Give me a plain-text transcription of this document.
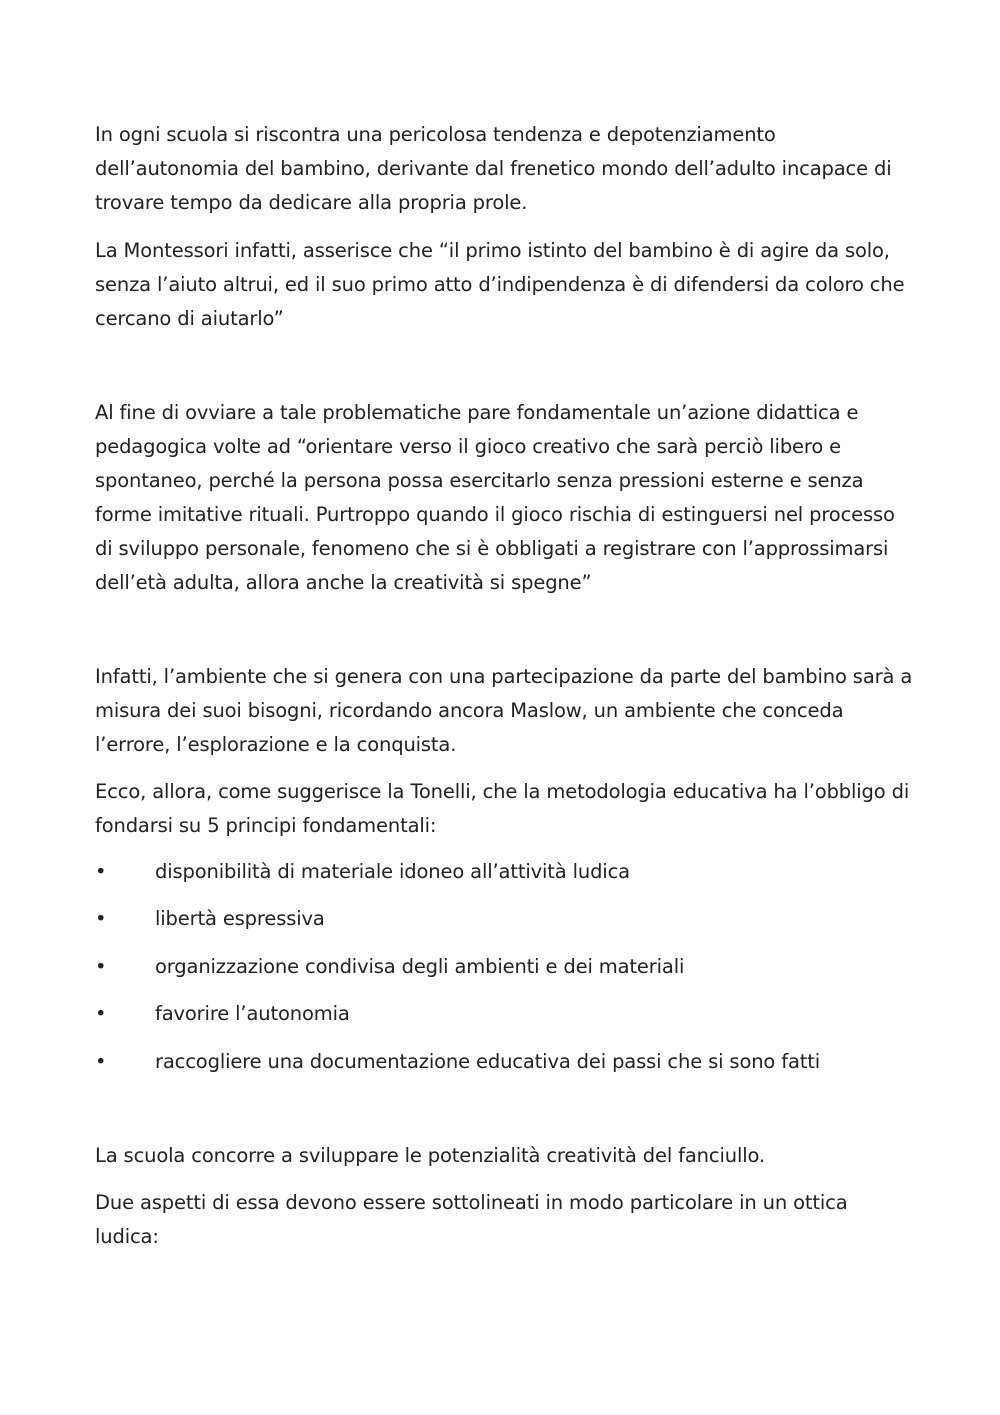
In ogni scuola si riscontra una pericolosa tendenza e depotenziamento dell’autonomia del bambino, derivante dal frenetico mondo dell’adulto incapace di trovare tempo da dedicare alla propria prole.

La Montessori infatti, asserisce che “il primo istinto del bambino è di agire da solo, senza l’aiuto altrui, ed il suo primo atto d’indipendenza è di difendersi da coloro che cercano di aiutarlo”

Al fine di ovviare a tale problematiche pare fondamentale un’azione didattica e pedagogica volte ad “orientare verso il gioco creativo che sarà perciò libero e spontaneo, perché la persona possa esercitarlo senza pressioni esterne e senza forme imitative rituali. Purtroppo quando il gioco rischia di estinguersi nel processo di sviluppo personale, fenomeno che si è obbligati a registrare con l’approssimarsi dell’età adulta, allora anche la creatività si spegne”

Infatti, l’ambiente che si genera con una partecipazione da parte del bambino sarà a misura dei suoi bisogni, ricordando ancora Maslow, un ambiente che conceda l’errore, l’esplorazione e la conquista.

Ecco, allora, come suggerisce la Tonelli, che la metodologia educativa ha l’obbligo di fondarsi su 5 principi fondamentali:

• disponibilità di materiale idoneo all’attività ludica
• libertà espressiva
• organizzazione condivisa degli ambienti e dei materiali
• favorire l’autonomia
• raccogliere una documentazione educativa dei passi che si sono fatti

La scuola concorre a sviluppare le potenzialità creatività del fanciullo.

Due aspetti di essa devono essere sottolineati in modo particolare in un ottica ludica:
